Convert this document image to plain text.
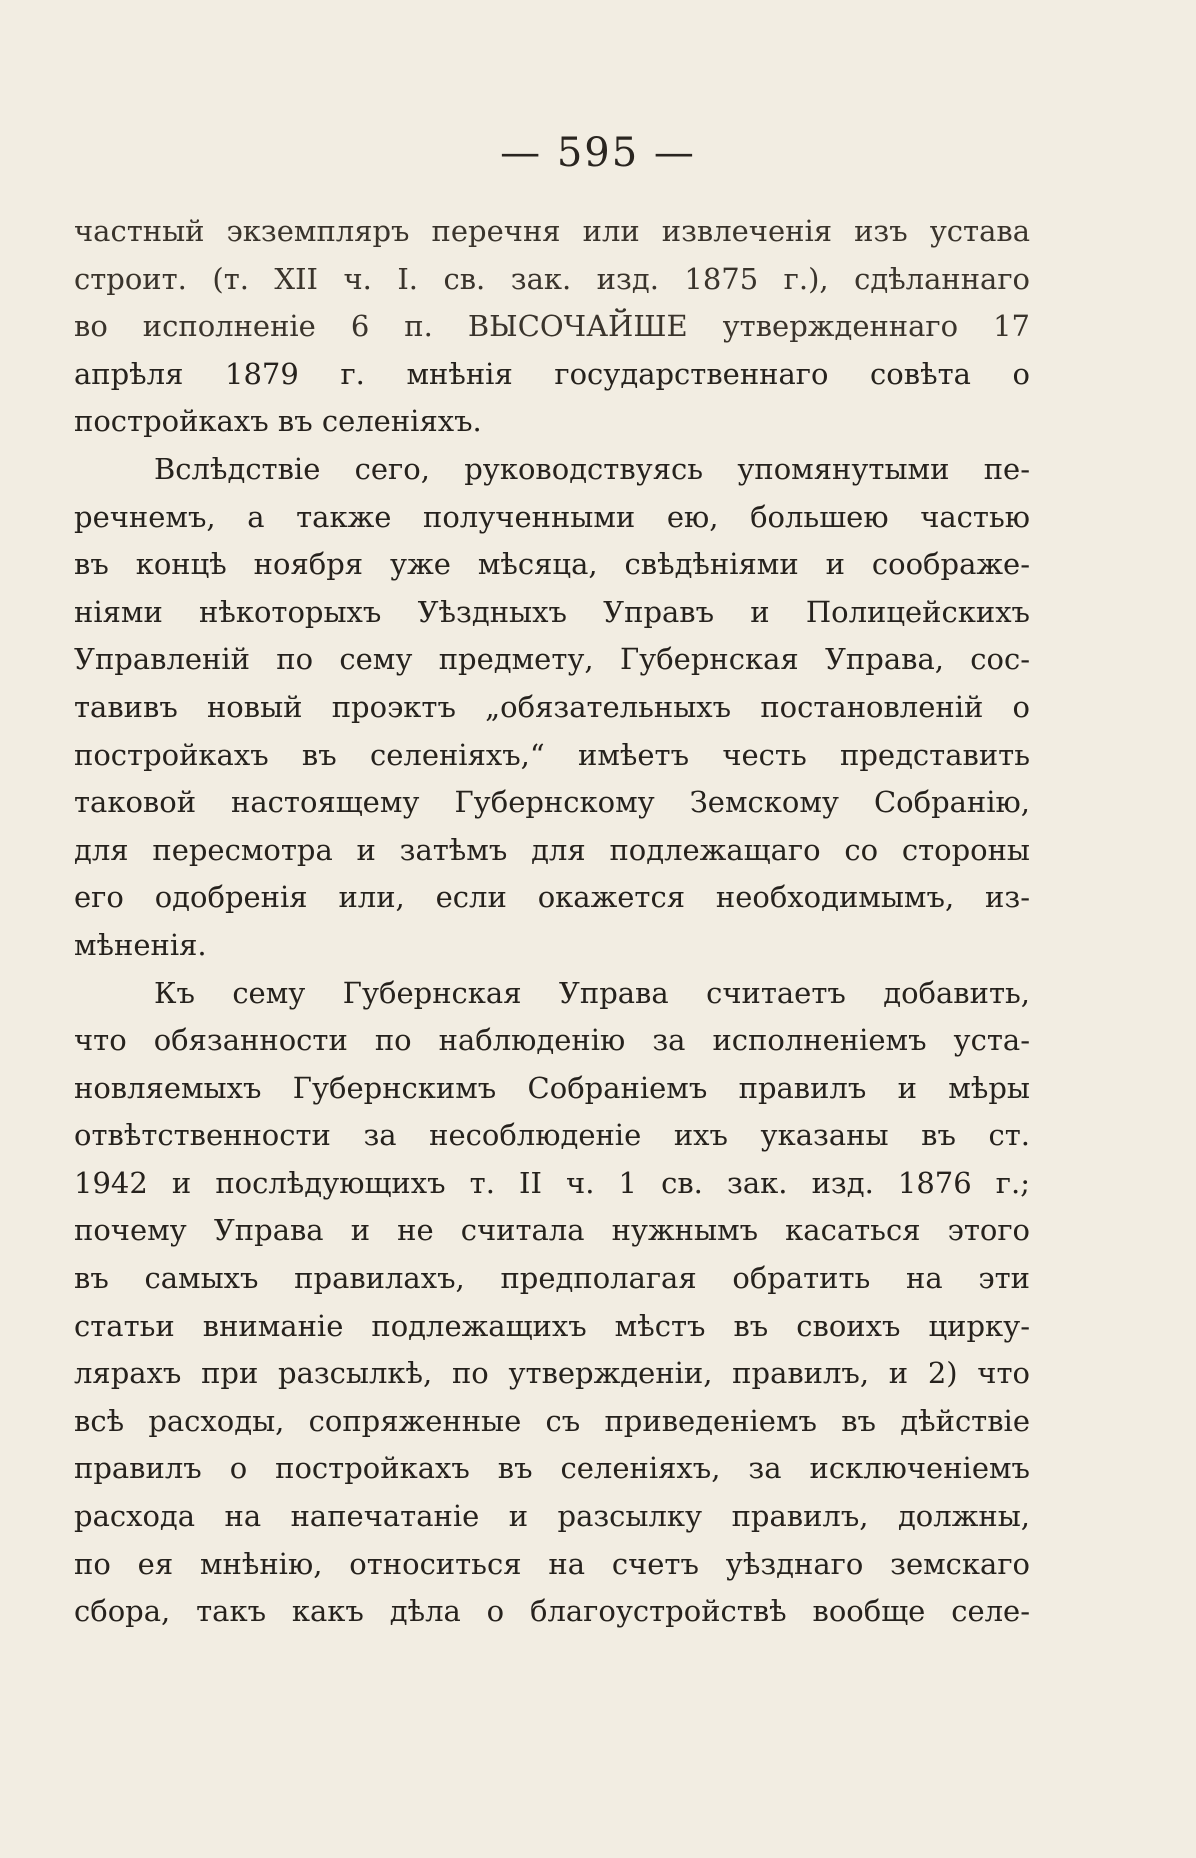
— 595 —
частный экземпляръ перечня или извлеченія изъ устава
строит. (т. XII ч. I. св. зак. изд. 1875 г.), сдѣланнаго
во исполненіе 6 п. ВЫСОЧАЙШЕ утвержденнаго 17
апрѣля 1879 г. мнѣнія государственнаго совѣта о
постройкахъ въ селеніяхъ.
Вслѣдствіе сего, руководствуясь упомянутыми пе-
речнемъ, а также полученными ею, большею частью
въ концѣ ноября уже мѣсяца, свѣдѣніями и соображе-
ніями нѣкоторыхъ Уѣздныхъ Управъ и Полицейскихъ
Управленій по сему предмету, Губернская Управа, сос-
тавивъ новый проэктъ „обязательныхъ постановленій о
постройкахъ въ селеніяхъ,“ имѣетъ честь представить
таковой настоящему Губернскому Земскому Собранію,
для пересмотра и затѣмъ для подлежащаго со стороны
его одобренія или, если окажется необходимымъ, из-
мѣненія.
Къ сему Губернская Управа считаетъ добавить,
что обязанности по наблюденію за исполненіемъ уста-
новляемыхъ Губернскимъ Собраніемъ правилъ и мѣры
отвѣтственности за несоблюденіе ихъ указаны въ ст.
1942 и послѣдующихъ т. II ч. 1 св. зак. изд. 1876 г.;
почему Управа и не считала нужнымъ касаться этого
въ самыхъ правилахъ, предполагая обратить на эти
статьи вниманіе подлежащихъ мѣстъ въ своихъ цирку-
лярахъ при разсылкѣ, по утвержденіи, правилъ, и 2) что
всѣ расходы, сопряженные съ приведеніемъ въ дѣйствіе
правилъ о постройкахъ въ селеніяхъ, за исключеніемъ
расхода на напечатаніе и разсылку правилъ, должны,
по ея мнѣнію, относиться на счетъ уѣзднаго земскаго
сбора, такъ какъ дѣла о благоустройствѣ вообще селе-
